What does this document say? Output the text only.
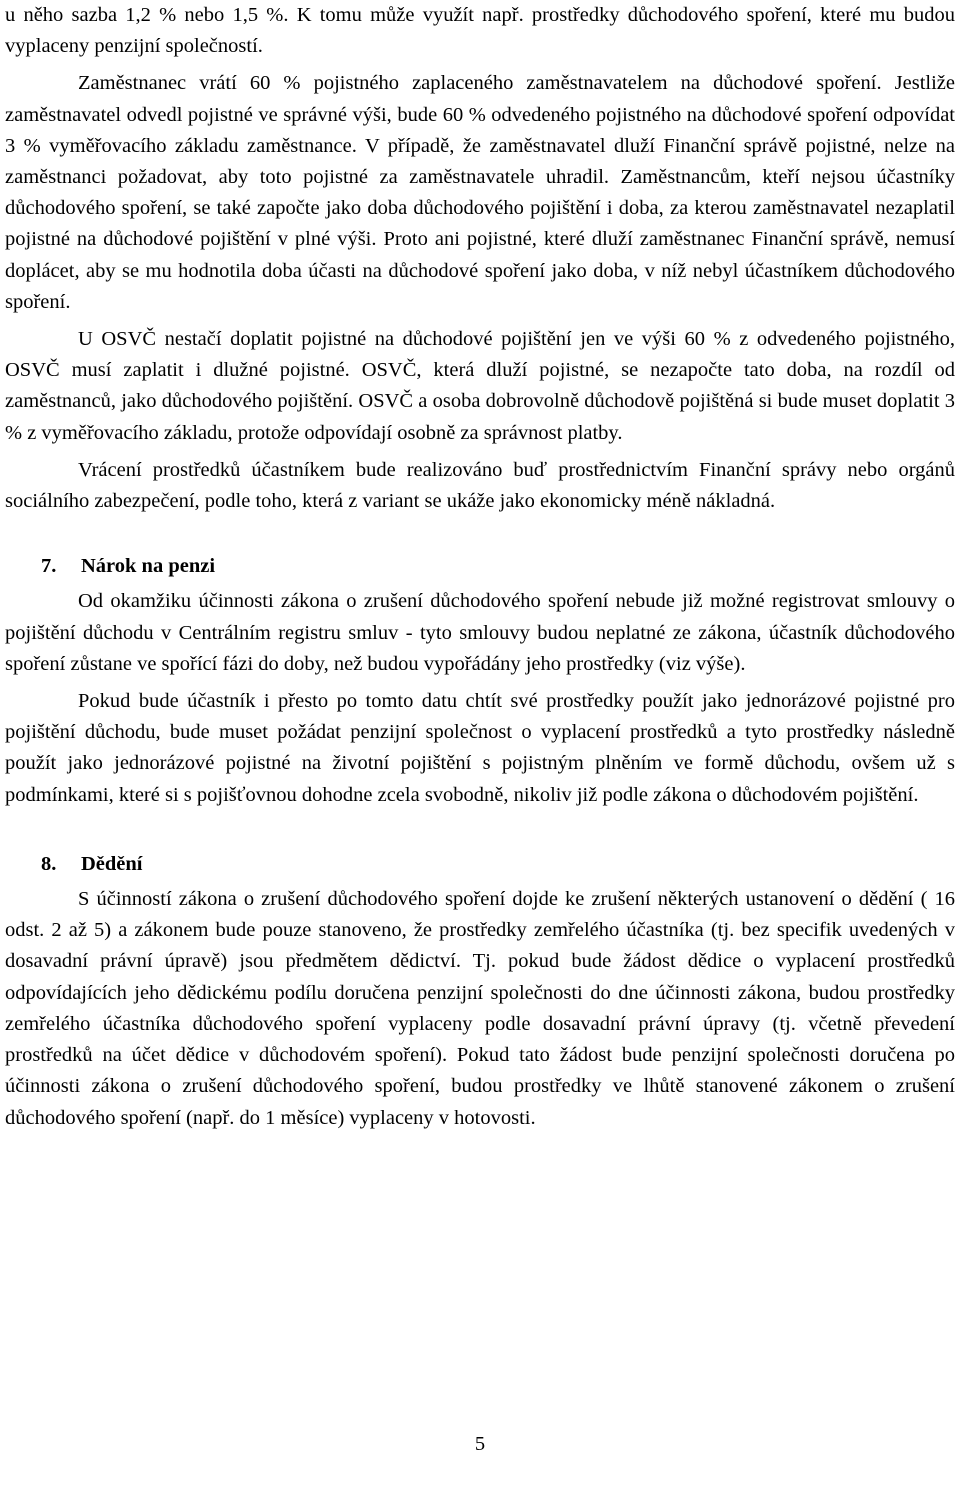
u něho sazba 1,2 % nebo 1,5 %. K tomu může využít např. prostředky důchodového spoření, které mu budou vyplaceny penzijní společností.

Zaměstnanec vrátí 60 % pojistného zaplaceného zaměstnavatelem na důchodové spoření. Jestliže zaměstnavatel odvedl pojistné ve správné výši, bude 60 % odvedeného pojistného na důchodové spoření odpovídat 3 % vyměřovacího základu zaměstnance. V případě, že zaměstnavatel dluží Finanční správě pojistné, nelze na zaměstnanci požadovat, aby toto pojistné za zaměstnavatele uhradil. Zaměstnancům, kteří nejsou účastníky důchodového spoření, se také započte jako doba důchodového pojištění i doba, za kterou zaměstnavatel nezaplatil pojistné na důchodové pojištění v plné výši. Proto ani pojistné, které dluží zaměstnanec Finanční správě, nemusí doplácet, aby se mu hodnotila doba účasti na důchodové spoření jako doba, v níž nebyl účastníkem důchodového spoření.

U OSVČ nestačí doplatit pojistné na důchodové pojištění jen ve výši 60 % z odvedeného pojistného, OSVČ musí zaplatit i dlužné pojistné. OSVČ, která dluží pojistné, se nezapočte tato doba, na rozdíl od zaměstnanců, jako důchodového pojištění. OSVČ a osoba dobrovolně důchodově pojištěná si bude muset doplatit 3 % z vyměřovacího základu, protože odpovídají osobně za správnost platby.

Vrácení prostředků účastníkem bude realizováno buď prostřednictvím Finanční správy nebo orgánů sociálního zabezpečení, podle toho, která z variant se ukáže jako ekonomicky méně nákladná.

7.	Nárok na penzi

Od okamžiku účinnosti zákona o zrušení důchodového spoření nebude již možné registrovat smlouvy o pojištění důchodu v Centrálním registru smluv - tyto smlouvy budou neplatné ze zákona, účastník důchodového spoření zůstane ve spořící fázi do doby, než budou vypořádány jeho prostředky (viz výše).

Pokud bude účastník i přesto po tomto datu chtít své prostředky použít jako jednorázové pojistné pro pojištění důchodu, bude muset požádat penzijní společnost o vyplacení prostředků a tyto prostředky následně použít jako jednorázové pojistné na životní pojištění s pojistným plněním ve formě důchodu, ovšem už s podmínkami, které si s pojišťovnou dohodne zcela svobodně, nikoliv již podle zákona o důchodovém pojištění.

8.	Dědění

S účinností zákona o zrušení důchodového spoření dojde ke zrušení některých ustanovení o dědění ( 16 odst. 2 až 5) a zákonem bude pouze stanoveno, že prostředky zemřelého účastníka (tj. bez specifik uvedených v dosavadní právní úpravě) jsou předmětem dědictví. Tj. pokud bude žádost dědice o vyplacení prostředků odpovídajících jeho dědickému podílu doručena penzijní společnosti do dne účinnosti zákona, budou prostředky zemřelého účastníka důchodového spoření vyplaceny podle dosavadní právní úpravy (tj. včetně převedení prostředků na účet dědice v důchodovém spoření). Pokud tato žádost bude penzijní společnosti doručena po účinnosti zákona o zrušení důchodového spoření, budou prostředky ve lhůtě stanovené zákonem o zrušení důchodového spoření (např. do 1 měsíce) vyplaceny v hotovosti.

5
